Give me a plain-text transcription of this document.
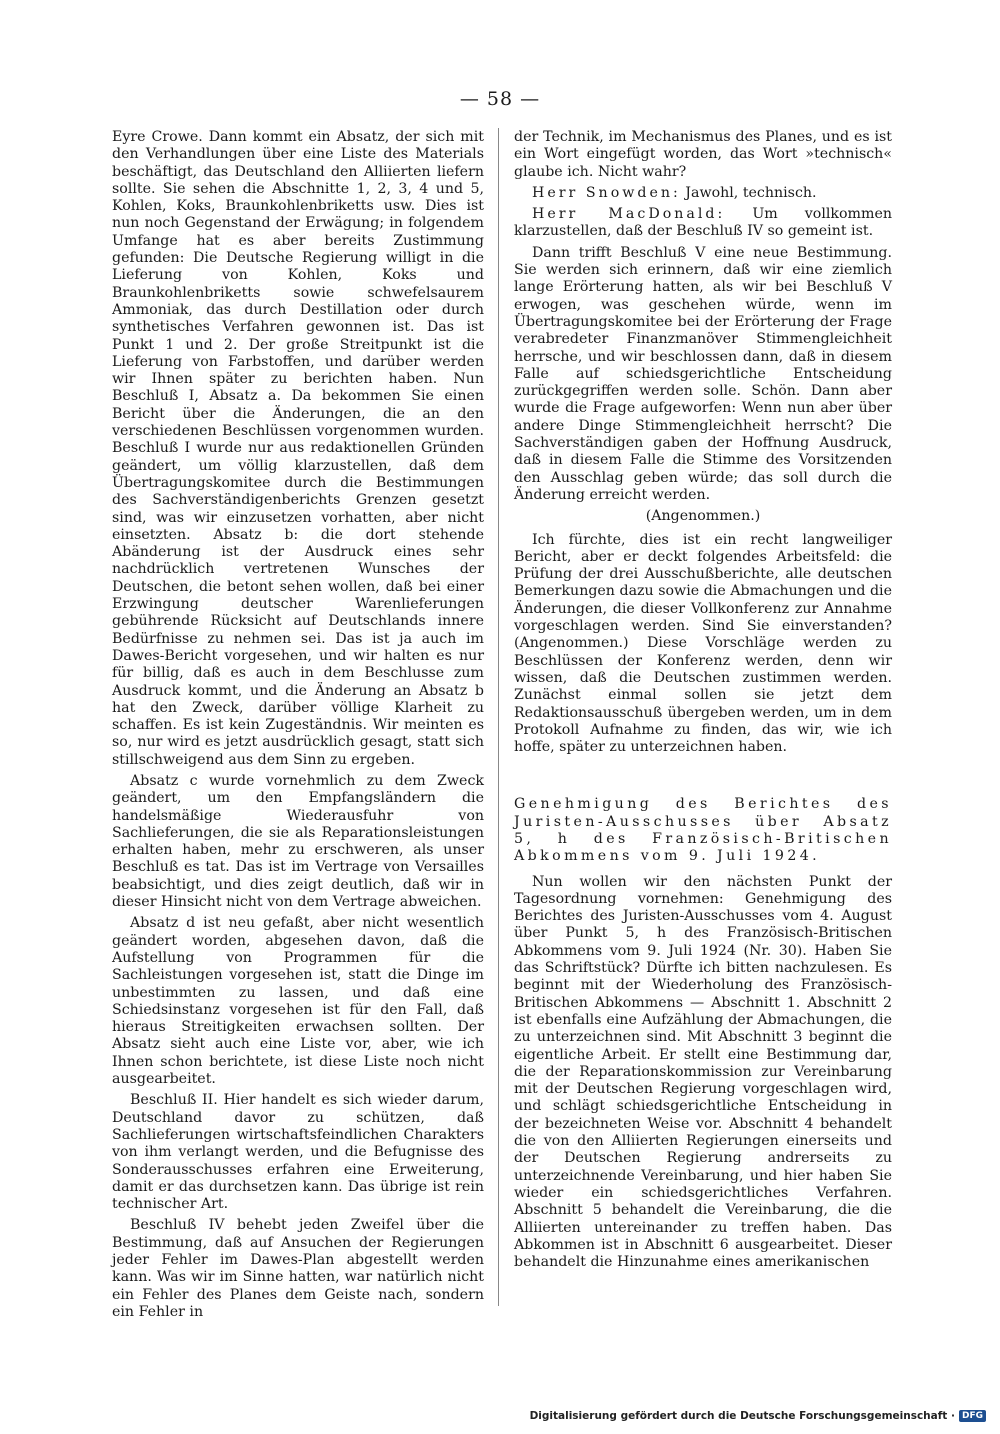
— 58 —

Eyre Crowe. Dann kommt ein Absatz, der sich mit den Verhandlungen über eine Liste des Materials beschäftigt, das Deutschland den Alliierten liefern sollte. Sie sehen die Abschnitte 1, 2, 3, 4 und 5, Kohlen, Koks, Braunkohlenbriketts usw. Dies ist nun noch Gegenstand der Erwägung; in folgendem Umfange hat es aber bereits Zustimmung gefunden: Die Deutsche Regierung willigt in die Lieferung von Kohlen, Koks und Braunkohlenbriketts sowie schwefelsaurem Ammoniak, das durch Destillation oder durch synthetisches Verfahren gewonnen ist. Das ist Punkt 1 und 2. Der große Streitpunkt ist die Lieferung von Farbstoffen, und darüber werden wir Ihnen später zu berichten haben. Nun Beschluß I, Absatz a. Da bekommen Sie einen Bericht über die Änderungen, die an den verschiedenen Beschlüssen vorgenommen wurden. Beschluß I wurde nur aus redaktionellen Gründen geändert, um völlig klarzustellen, daß dem Übertragungskomitee durch die Bestimmungen des Sachverständigenberichts Grenzen gesetzt sind, was wir einzusetzen vorhatten, aber nicht einsetzten. Absatz b: die dort stehende Abänderung ist der Ausdruck eines sehr nachdrücklich vertretenen Wunsches der Deutschen, die betont sehen wollen, daß bei einer Erzwingung deutscher Warenlieferungen gebührende Rücksicht auf Deutschlands innere Bedürfnisse zu nehmen sei. Das ist ja auch im Dawes-Bericht vorgesehen, und wir halten es nur für billig, daß es auch in dem Beschlusse zum Ausdruck kommt, und die Änderung an Absatz b hat den Zweck, darüber völlige Klarheit zu schaffen. Es ist kein Zugeständnis. Wir meinten es so, nur wird es jetzt ausdrücklich gesagt, statt sich stillschweigend aus dem Sinn zu ergeben.

Absatz c wurde vornehmlich zu dem Zweck geändert, um den Empfangsländern die handelsmäßige Wiederausfuhr von Sachlieferungen, die sie als Reparationsleistungen erhalten haben, mehr zu erschweren, als unser Beschluß es tat. Das ist im Vertrage von Versailles beabsichtigt, und dies zeigt deutlich, daß wir in dieser Hinsicht nicht von dem Vertrage abweichen.

Absatz d ist neu gefaßt, aber nicht wesentlich geändert worden, abgesehen davon, daß die Aufstellung von Programmen für die Sachleistungen vorgesehen ist, statt die Dinge im unbestimmten zu lassen, und daß eine Schiedsinstanz vorgesehen ist für den Fall, daß hieraus Streitigkeiten erwachsen sollten. Der Absatz sieht auch eine Liste vor, aber, wie ich Ihnen schon berichtete, ist diese Liste noch nicht ausgearbeitet.

Beschluß II. Hier handelt es sich wieder darum, Deutschland davor zu schützen, daß Sachlieferungen wirtschaftsfeindlichen Charakters von ihm verlangt werden, und die Befugnisse des Sonderausschusses erfahren eine Erweiterung, damit er das durchsetzen kann. Das übrige ist rein technischer Art.

Beschluß IV behebt jeden Zweifel über die Bestimmung, daß auf Ansuchen der Regierungen jeder Fehler im Dawes-Plan abgestellt werden kann. Was wir im Sinne hatten, war natürlich nicht ein Fehler des Planes dem Geiste nach, sondern ein Fehler in

der Technik, im Mechanismus des Planes, und es ist ein Wort eingefügt worden, das Wort »technisch« glaube ich. Nicht wahr?

Herr Snowden: Jawohl, technisch.

Herr MacDonald: Um vollkommen klarzustellen, daß der Beschluß IV so gemeint ist.

Dann trifft Beschluß V eine neue Bestimmung. Sie werden sich erinnern, daß wir eine ziemlich lange Erörterung hatten, als wir bei Beschluß V erwogen, was geschehen würde, wenn im Übertragungskomitee bei der Erörterung der Frage verabredeter Finanzmanöver Stimmengleichheit herrsche, und wir beschlossen dann, daß in diesem Falle auf schiedsgerichtliche Entscheidung zurückgegriffen werden solle. Schön. Dann aber wurde die Frage aufgeworfen: Wenn nun aber über andere Dinge Stimmengleichheit herrscht? Die Sachverständigen gaben der Hoffnung Ausdruck, daß in diesem Falle die Stimme des Vorsitzenden den Ausschlag geben würde; das soll durch die Änderung erreicht werden.

(Angenommen.)

Ich fürchte, dies ist ein recht langweiliger Bericht, aber er deckt folgendes Arbeitsfeld: die Prüfung der drei Ausschußberichte, alle deutschen Bemerkungen dazu sowie die Abmachungen und die Änderungen, die dieser Vollkonferenz zur Annahme vorgeschlagen werden. Sind Sie einverstanden? (Angenommen.) Diese Vorschläge werden zu Beschlüssen der Konferenz werden, denn wir wissen, daß die Deutschen zustimmen werden. Zunächst einmal sollen sie jetzt dem Redaktionsausschuß übergeben werden, um in dem Protokoll Aufnahme zu finden, das wir, wie ich hoffe, später zu unterzeichnen haben.

Genehmigung des Berichtes des Juristen-Ausschusses über Absatz 5, h des Französisch-Britischen Abkommens vom 9. Juli 1924.

Nun wollen wir den nächsten Punkt der Tagesordnung vornehmen: Genehmigung des Berichtes des Juristen-Ausschusses vom 4. August über Punkt 5, h des Französisch-Britischen Abkommens vom 9. Juli 1924 (Nr. 30). Haben Sie das Schriftstück? Dürfte ich bitten nachzulesen. Es beginnt mit der Wiederholung des Französisch-Britischen Abkommens — Abschnitt 1. Abschnitt 2 ist ebenfalls eine Aufzählung der Abmachungen, die zu unterzeichnen sind. Mit Abschnitt 3 beginnt die eigentliche Arbeit. Er stellt eine Bestimmung dar, die der Reparationskommission zur Vereinbarung mit der Deutschen Regierung vorgeschlagen wird, und schlägt schiedsgerichtliche Entscheidung in der bezeichneten Weise vor. Abschnitt 4 behandelt die von den Alliierten Regierungen einerseits und der Deutschen Regierung andrerseits zu unterzeichnende Vereinbarung, und hier haben Sie wieder ein schiedsgerichtliches Verfahren. Abschnitt 5 behandelt die Vereinbarung, die die Alliierten untereinander zu treffen haben. Das Abkommen ist in Abschnitt 6 ausgearbeitet. Dieser behandelt die Hinzunahme eines amerikanischen

Digitalisierung gefördert durch die Deutsche Forschungsgemeinschaft · DFG
